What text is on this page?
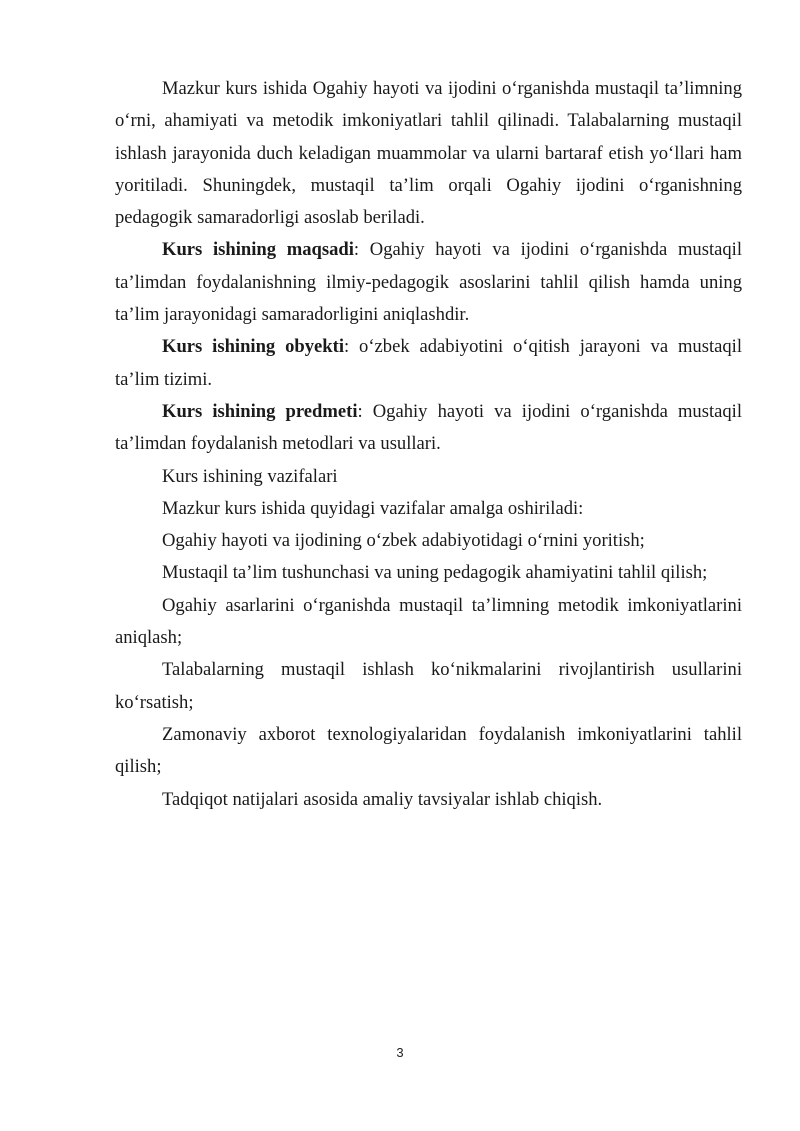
Mazkur kurs ishida Ogahiy hayoti va ijodini o‘rganishda mustaqil ta’limning o‘rni, ahamiyati va metodik imkoniyatlari tahlil qilinadi. Talabalarning mustaqil ishlash jarayonida duch keladigan muammolar va ularni bartaraf etish yo‘llari ham yoritiladi. Shuningdek, mustaqil ta’lim orqali Ogahiy ijodini o‘rganishning pedagogik samaradorligi asoslab beriladi.

Kurs ishining maqsadi: Ogahiy hayoti va ijodini o‘rganishda mustaqil ta’limdan foydalanishning ilmiy-pedagogik asoslarini tahlil qilish hamda uning ta’lim jarayonidagi samaradorligini aniqlashdir.

Kurs ishining obyekti: o‘zbek adabiyotini o‘qitish jarayoni va mustaqil ta’lim tizimi.

Kurs ishining predmeti: Ogahiy hayoti va ijodini o‘rganishda mustaqil ta’limdan foydalanish metodlari va usullari.

Kurs ishining vazifalari

Mazkur kurs ishida quyidagi vazifalar amalga oshiriladi:

Ogahiy hayoti va ijodining o‘zbek adabiyotidagi o‘rnini yoritish;

Mustaqil ta’lim tushunchasi va uning pedagogik ahamiyatini tahlil qilish;

Ogahiy asarlarini o‘rganishda mustaqil ta’limning metodik imkoniyatlarini aniqlash;

Talabalarning mustaqil ishlash ko‘nikmalarini rivojlantirish usullarini ko‘rsatish;

Zamonaviy axborot texnologiyalaridan foydalanish imkoniyatlarini tahlil qilish;

Tadqiqot natijalari asosida amaliy tavsiyalar ishlab chiqish.

3
